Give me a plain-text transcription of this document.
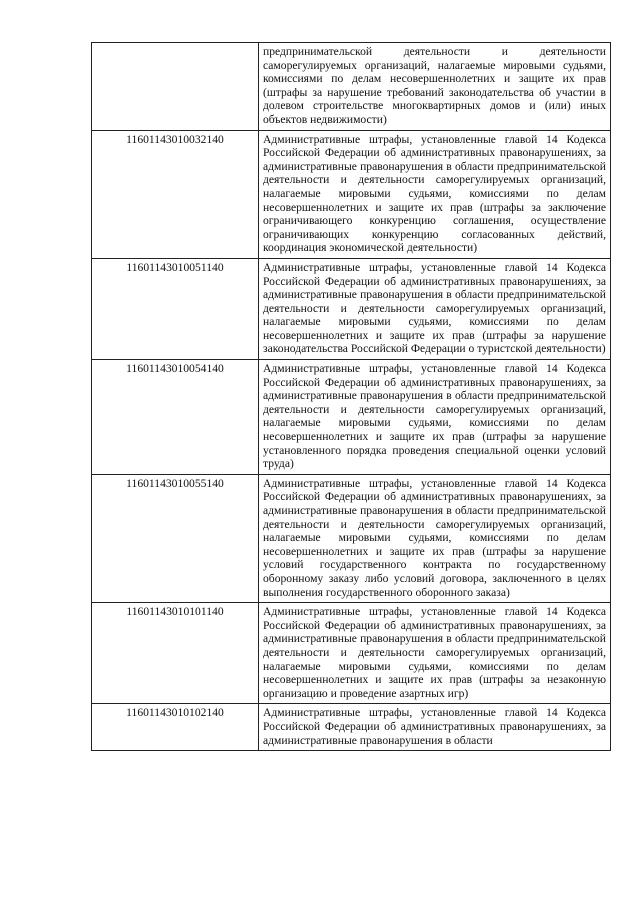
	предпринимательской деятельности и деятельности саморегулируемых организаций, налагаемые мировыми судьями, комиссиями по делам несовершеннолетних и защите их прав (штрафы за нарушение требований законодательства об участии в долевом строительстве многоквартирных домов и (или) иных объектов недвижимости)
11601143010032140	Административные штрафы, установленные главой 14 Кодекса Российской Федерации об административных правонарушениях, за административные правонарушения в области предпринимательской деятельности и деятельности саморегулируемых организаций, налагаемые мировыми судьями, комиссиями по делам несовершеннолетних и защите их прав (штрафы за заключение ограничивающего конкуренцию соглашения, осуществление ограничивающих конкуренцию согласованных действий, координация экономической деятельности)
11601143010051140	Административные штрафы, установленные главой 14 Кодекса Российской Федерации об административных правонарушениях, за административные правонарушения в области предпринимательской деятельности и деятельности саморегулируемых организаций, налагаемые мировыми судьями, комиссиями по делам несовершеннолетних и защите их прав (штрафы за нарушение законодательства Российской Федерации о туристской деятельности)
11601143010054140	Административные штрафы, установленные главой 14 Кодекса Российской Федерации об административных правонарушениях, за административные правонарушения в области предпринимательской деятельности и деятельности саморегулируемых организаций, налагаемые мировыми судьями, комиссиями по делам несовершеннолетних и защите их прав (штрафы за нарушение установленного порядка проведения специальной оценки условий труда)
11601143010055140	Административные штрафы, установленные главой 14 Кодекса Российской Федерации об административных правонарушениях, за административные правонарушения в области предпринимательской деятельности и деятельности саморегулируемых организаций, налагаемые мировыми судьями, комиссиями по делам несовершеннолетних и защите их прав (штрафы за нарушение условий государственного контракта по государственному оборонному заказу либо условий договора, заключенного в целях выполнения государственного оборонного заказа)
11601143010101140	Административные штрафы, установленные главой 14 Кодекса Российской Федерации об административных правонарушениях, за административные правонарушения в области предпринимательской деятельности и деятельности саморегулируемых организаций, налагаемые мировыми судьями, комиссиями по делам несовершеннолетних и защите их прав (штрафы за незаконную организацию и проведение азартных игр)
11601143010102140	Административные штрафы, установленные главой 14 Кодекса Российской Федерации об административных правонарушениях, за административные правонарушения в области
